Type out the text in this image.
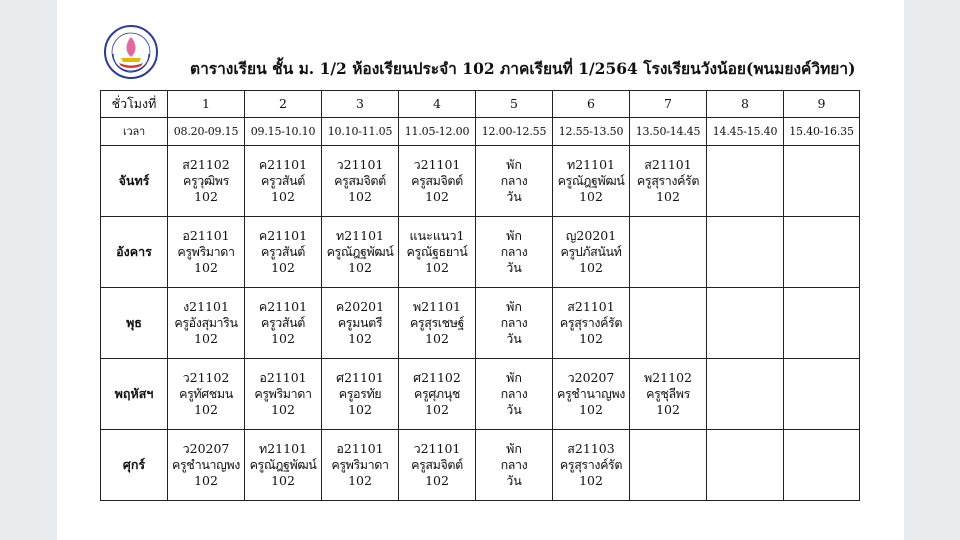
ตารางเรียน ชั้น ม. 1/2 ห้องเรียนประจำ 102 ภาคเรียนที่ 1/2564 โรงเรียนวังน้อย(พนมยงค์วิทยา)
ชั่วโมงที่	1	2	3	4	5	6	7	8	9
เวลา	08.20-09.15	09.15-10.10	10.10-11.05	11.05-12.00	12.00-12.55	12.55-13.50	13.50-14.45	14.45-15.40	15.40-16.35
จันทร์	ส21102
ครูวุฒิพร
102	ค21101
ครูวสันต์
102	ว21101
ครูสมจิตต์
102	ว21101
ครูสมจิตต์
102	พัก
กลาง
วัน	ท21101
ครูณัฎฐพัฒน์
102	ส21101
ครูสุรางค์รัต
102		

อังคาร	อ21101
ครูพริมาดา
102	ค21101
ครูวสันต์
102	ท21101
ครูณัฎฐพัฒน์
102	แนะแนว1
ครูณัฐธยาน์
102	พัก
กลาง
วัน	ญ20201
ครูปภัสนันท์
102			

พุธ	ง21101
ครูอังสุมาริน
102	ค21101
ครูวสันต์
102	ค20201
ครูมนตรี
102	พ21101
ครูสุรเชษฐ์
102	พัก
กลาง
วัน	ส21101
ครูสุรางค์รัต
102			

พฤหัสฯ	ว21102
ครูทัศชมน
102	อ21101
ครูพริมาดา
102	ศ21101
ครูอรทัย
102	ศ21102
ครูศุภนุช
102	พัก
กลาง
วัน	ว20207
ครูชำนาญพง
102	พ21102
ครูชุลีพร
102		

ศุกร์	ว20207
ครูชำนาญพง
102	ท21101
ครูณัฎฐพัฒน์
102	อ21101
ครูพริมาดา
102	ว21101
ครูสมจิตต์
102	พัก
กลาง
วัน	ส21103
ครูสุรางค์รัต
102			
